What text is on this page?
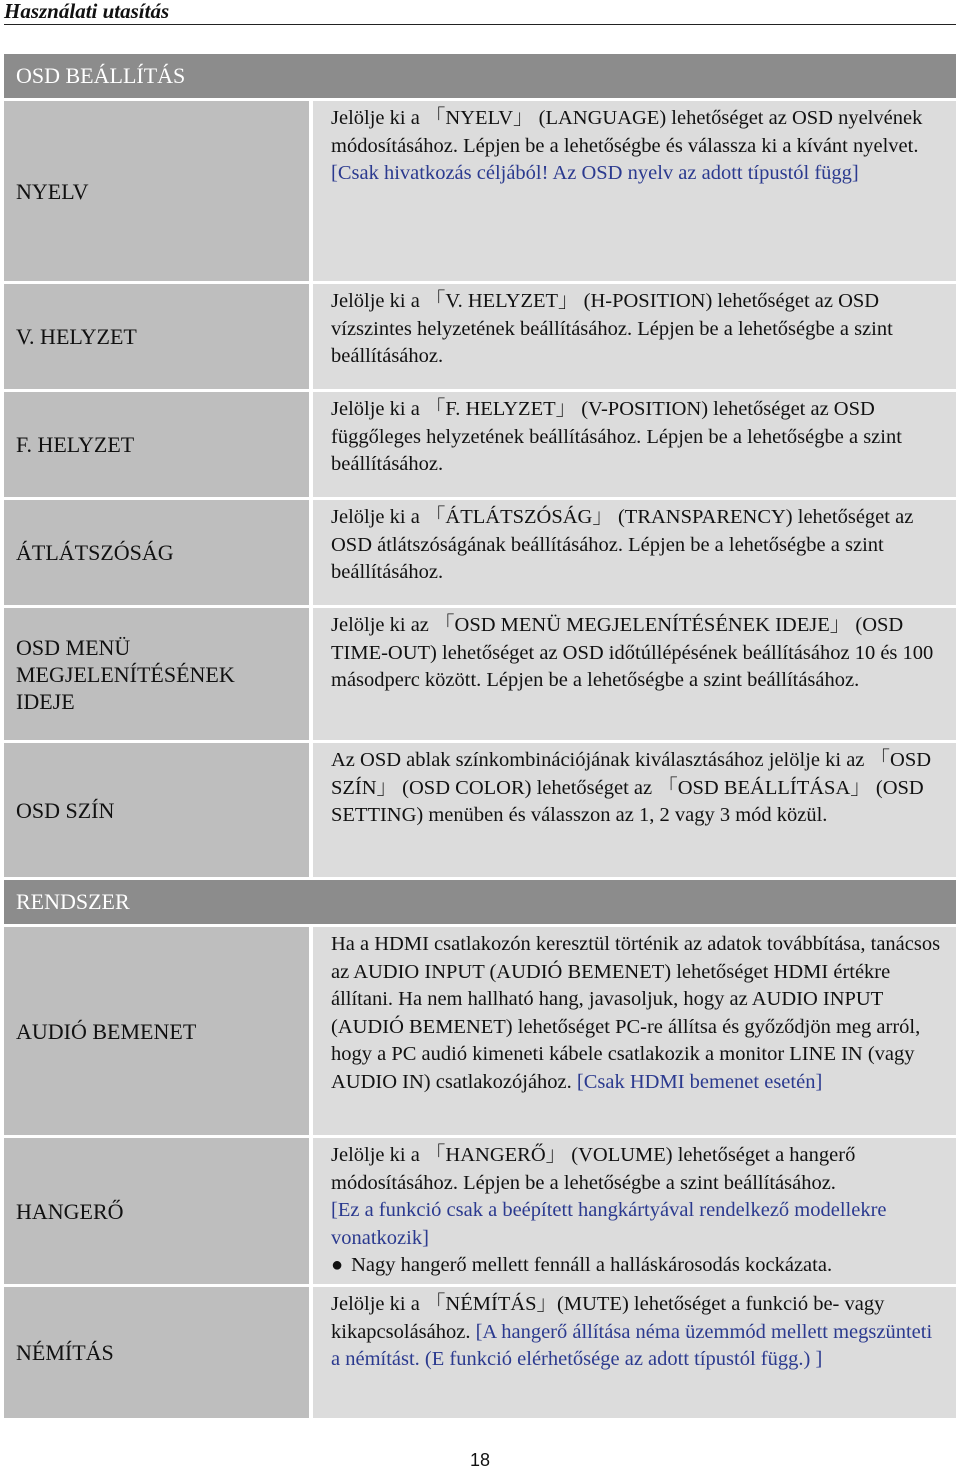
Használati utasítás
OSD BEÁLLÍTÁS
NYELV
Jelölje ki a 「NYELV」 (LANGUAGE) lehetőséget az OSD nyelvének módosításához. Lépjen be a lehetőségbe és válassza ki a kívánt nyelvet. [Csak hivatkozás céljából! Az OSD nyelv az adott típustól függ]
V. HELYZET
Jelölje ki a 「V. HELYZET」 (H-POSITION) lehetőséget az OSD vízszintes helyzetének beállításához. Lépjen be a lehetőségbe a szint beállításához.
F. HELYZET
Jelölje ki a 「F. HELYZET」 (V-POSITION) lehetőséget az OSD függőleges helyzetének beállításához. Lépjen be a lehetőségbe a szint beállításához.
ÁTLÁTSZÓSÁG
Jelölje ki a 「ÁTLÁTSZÓSÁG」 (TRANSPARENCY) lehetőséget az OSD átlátszóságának beállításához. Lépjen be a lehetőségbe a szint beállításához.
OSD MENÜ MEGJELENÍTÉSÉNEK IDEJE
Jelölje ki az 「OSD MENÜ MEGJELENÍTÉSÉNEK IDEJE」 (OSD TIME-OUT) lehetőséget az OSD időtúllépésének beállításához 10 és 100 másodperc között. Lépjen be a lehetőségbe a szint beállításához.
OSD SZÍN
Az OSD ablak színkombinációjának kiválasztásához jelölje ki az 「OSD SZÍN」 (OSD COLOR) lehetőséget az 「OSD BEÁLLÍTÁSA」 (OSD SETTING) menüben és válasszon az 1, 2 vagy 3 mód közül.
RENDSZER
AUDIÓ BEMENET
Ha a HDMI csatlakozón keresztül történik az adatok továbbítása, tanácsos az AUDIO INPUT (AUDIÓ BEMENET) lehetőséget HDMI értékre állítani. Ha nem hallható hang, javasoljuk, hogy az AUDIO INPUT (AUDIÓ BEMENET) lehetőséget PC-re állítsa és győződjön meg arról, hogy a PC audió kimeneti kábele csatlakozik a monitor LINE IN (vagy AUDIO IN) csatlakozójához. [Csak HDMI bemenet esetén]
HANGERŐ
Jelölje ki a 「HANGERŐ」 (VOLUME) lehetőséget a hangerő módosításához. Lépjen be a lehetőségbe a szint beállításához.
[Ez a funkció csak a beépített hangkártyával rendelkező modellekre vonatkozik]
● Nagy hangerő mellett fennáll a halláskárosodás kockázata.
NÉMÍTÁS
Jelölje ki a 「NÉMÍTÁS」(MUTE) lehetőséget a funkció be- vagy kikapcsolásához. [A hangerő állítása néma üzemmód mellett megszünteti a némítást. (E funkció elérhetősége az adott típustól függ.) ]
18
